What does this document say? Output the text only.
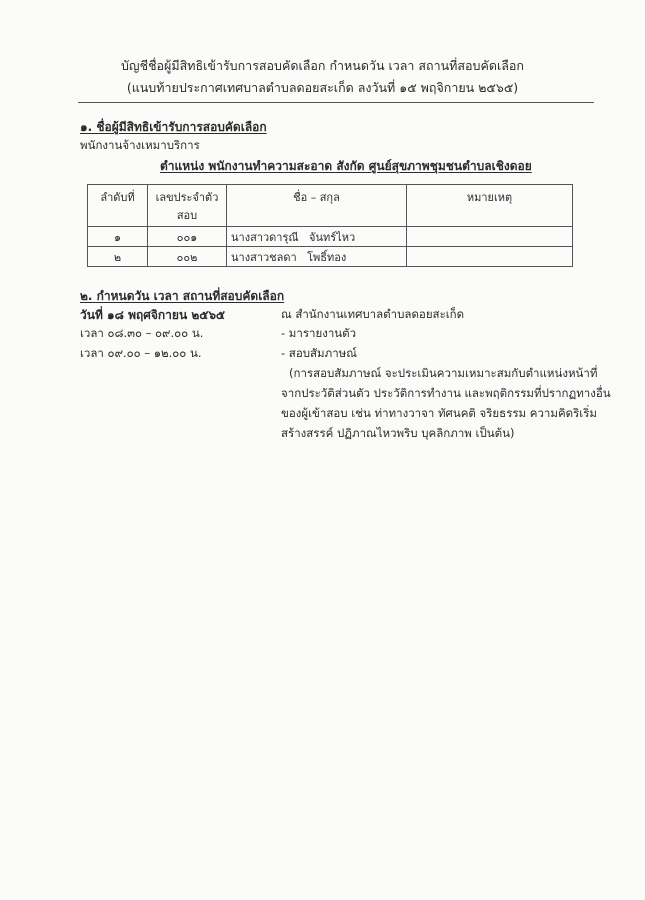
บัญชีชื่อผู้มีสิทธิเข้ารับการสอบคัดเลือก กำหนดวัน เวลา สถานที่สอบคัดเลือก
(แนบท้ายประกาศเทศบาลตำบลดอยสะเก็ด ลงวันที่ ๑๕ พฤจิกายน ๒๕๖๕)
๑. ชื่อผู้มีสิทธิเข้ารับการสอบคัดเลือก
พนักงานจ้างเหมาบริการ
ตำแหน่ง พนักงานทำความสะอาด สังกัด ศูนย์สุขภาพชุมชนตำบลเชิงดอย
ลำดับที่	เลขประจำตัว สอบ	ชื่อ – สกุล	หมายเหตุ
๑	๐๐๑	นางสาวดารุณี   จันทร์ไหว	
๒	๐๐๒	นางสาวชลดา   โพธิ์ทอง	
๒. กำหนดวัน เวลา สถานที่สอบคัดเลือก
วันที่ ๑๘ พฤศจิกายน ๒๕๖๕	ณ สำนักงานเทศบาลตำบลดอยสะเก็ด
เวลา ๐๘.๓๐ – ๐๙.๐๐ น.	- มารายงานตัว
เวลา ๐๙.๐๐ – ๑๒.๐๐ น.	- สอบสัมภาษณ์
(การสอบสัมภาษณ์ จะประเมินความเหมาะสมกับตำแหน่งหน้าที่
จากประวัติส่วนตัว ประวัติการทำงาน และพฤติกรรมที่ปรากฏทางอื่น
ของผู้เข้าสอบ เช่น ท่าทางวาจา ทัศนคติ จริยธรรม ความคิดริเริ่ม
สร้างสรรค์ ปฏิภาณไหวพริบ บุคลิกภาพ เป็นต้น)
